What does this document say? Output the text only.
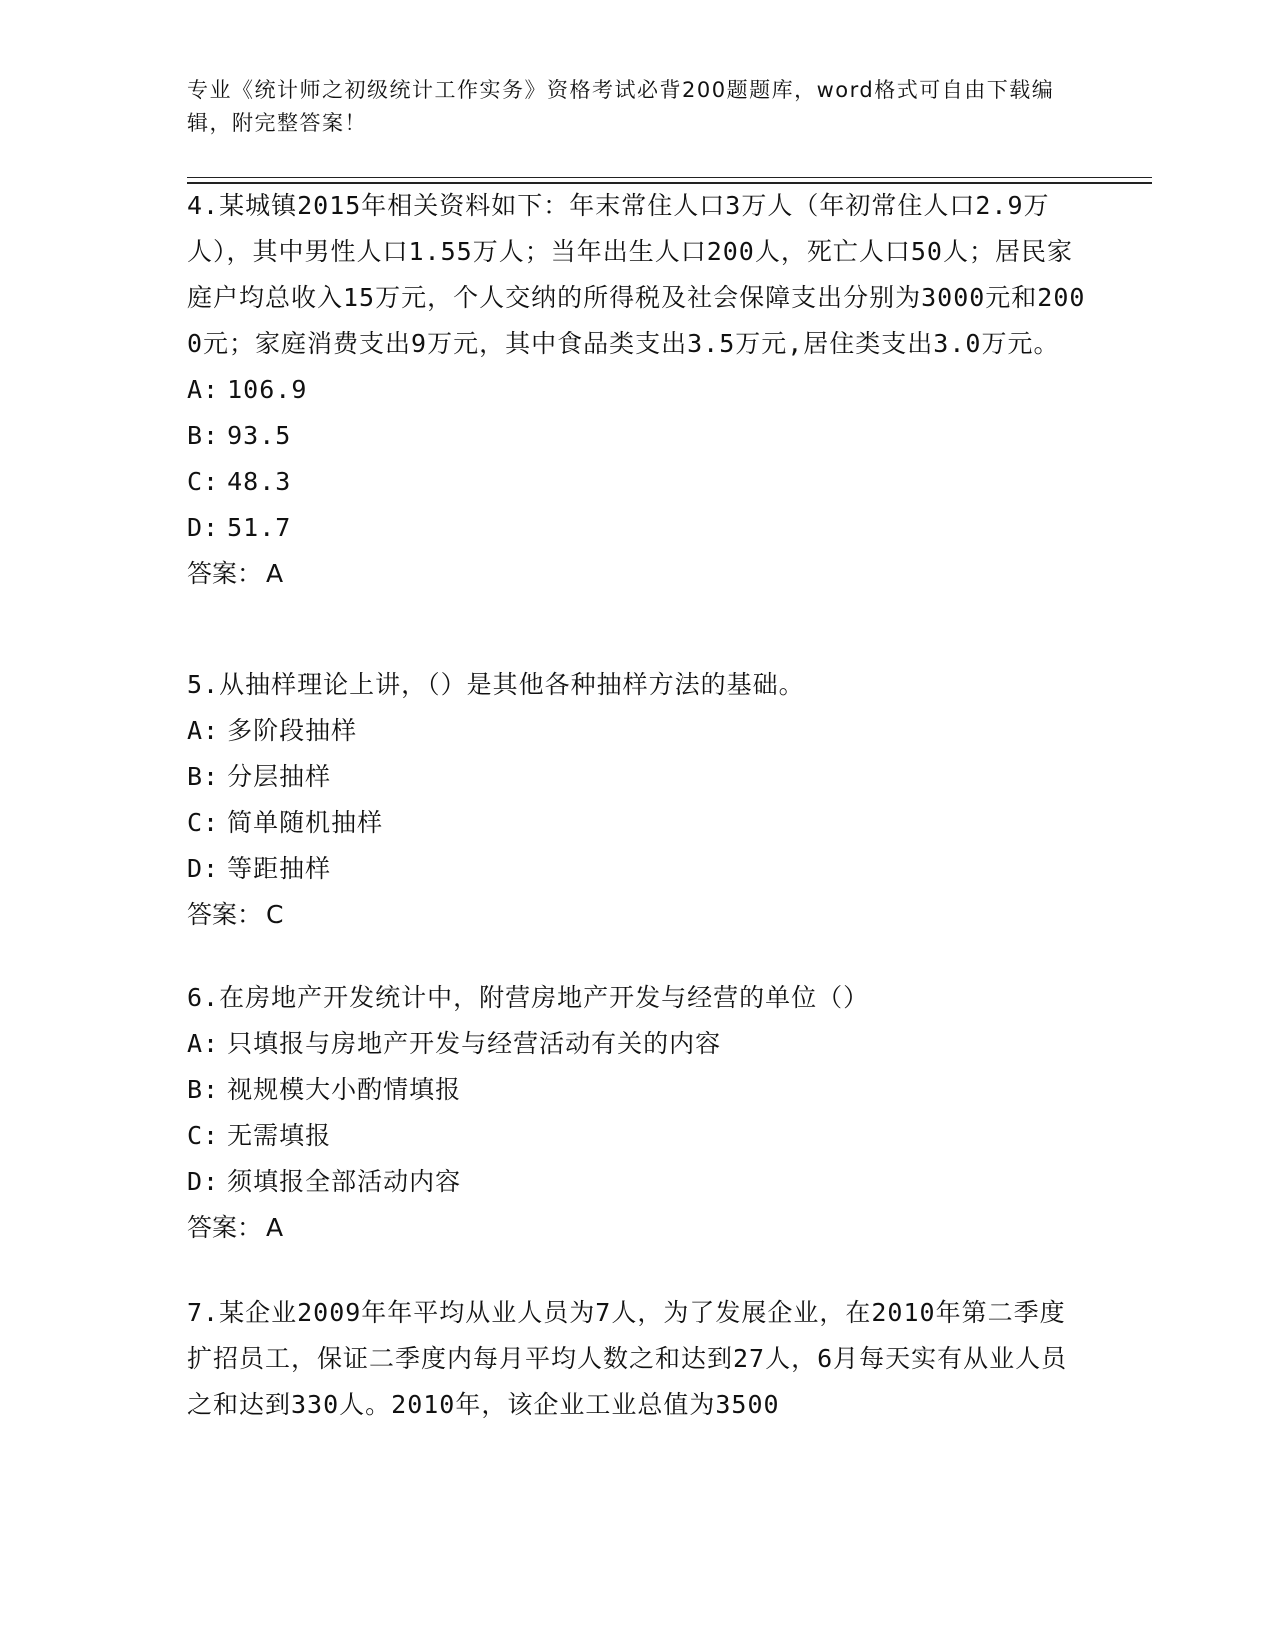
专业《统计师之初级统计工作实务》资格考试必背200题题库，word格式可自由下载编辑，附完整答案！

4.某城镇2015年相关资料如下：年末常住人口3万人（年初常住人口2.9万人），其中男性人口1.55万人；当年出生人口200人，死亡人口50人；居民家庭户均总收入15万元，个人交纳的所得税及社会保障支出分别为3000元和2000元；家庭消费支出9万元，其中食品类支出3.5万元,居住类支出3.0万元。

A: 106.9
B: 93.5
C: 48.3
D: 51.7
答案： A

5.从抽样理论上讲，（）是其他各种抽样方法的基础。

A: 多阶段抽样
B: 分层抽样
C: 简单随机抽样
D: 等距抽样
答案： C

6.在房地产开发统计中，附营房地产开发与经营的单位（）

A: 只填报与房地产开发与经营活动有关的内容
B: 视规模大小酌情填报
C: 无需填报
D: 须填报全部活动内容
答案： A

7.某企业2009年年平均从业人员为7人，为了发展企业，在2010年第二季度扩招员工，保证二季度内每月平均人数之和达到27人，6月每天实有从业人员之和达到330人。2010年，该企业工业总值为3500
